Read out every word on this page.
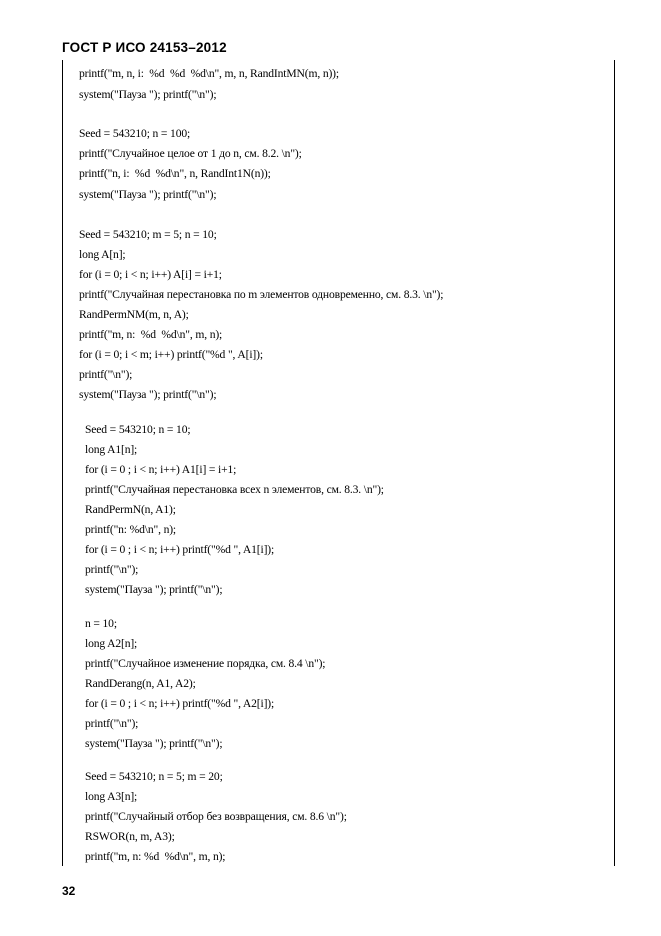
ГОСТ Р ИСО 24153–2012
printf("m, n, i:  %d  %d  %d\n", m, n, RandIntMN(m, n));
system("Пауза "); printf("\n");
Seed = 543210; n = 100;
printf("Случайное целое от 1 до n, см. 8.2. \n");
printf("n, i:  %d  %d\n", n, RandInt1N(n));
system("Пауза "); printf("\n");
Seed = 543210; m = 5; n = 10;
long A[n];
for (i = 0; i < n; i++) A[i] = i+1;
printf("Случайная перестановка по m элементов одновременно, см. 8.3. \n");
RandPermNM(m, n, A);
printf("m, n:  %d  %d\n", m, n);
for (i = 0; i < m; i++) printf("%d ", A[i]);
printf("\n");
system("Пауза "); printf("\n");
Seed = 543210; n = 10;
long A1[n];
for (i = 0 ; i < n; i++) A1[i] = i+1;
printf("Случайная перестановка всех n элементов, см. 8.3. \n");
RandPermN(n, A1);
printf("n: %d\n", n);
for (i = 0 ; i < n; i++) printf("%d ", A1[i]);
printf("\n");
system("Пауза "); printf("\n");
n = 10;
long A2[n];
printf("Случайное изменение порядка, см. 8.4 \n");
RandDerang(n, A1, A2);
for (i = 0 ; i < n; i++) printf("%d ", A2[i]);
printf("\n");
system("Пауза "); printf("\n");
Seed = 543210; n = 5; m = 20;
long A3[n];
printf("Случайный отбор без возвращения, см. 8.6 \n");
RSWOR(n, m, A3);
printf("m, n: %d  %d\n", m, n);
32
